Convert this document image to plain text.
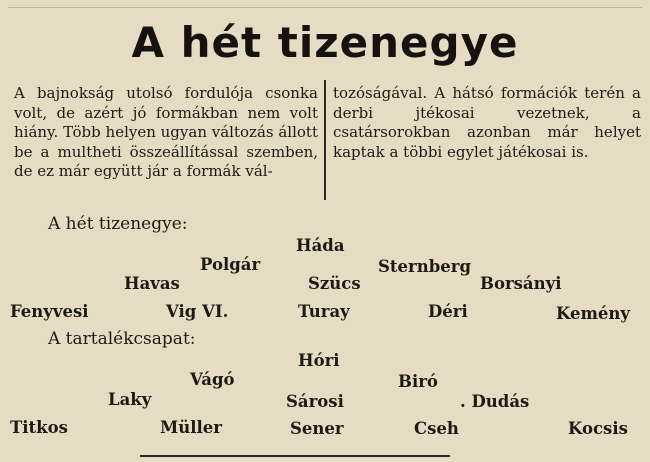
A hét tizenegye
A bajnokság utolsó fordulója csonka volt, de azért jó formákban nem volt hiány. Több helyen ugyan változás állott be a multheti összeállítással szemben, de ez már együtt jár a formák vál-
tozóságával. A hátsó formációk terén a derbi jtékosai vezetnek, a csatársorokban azonban már helyet kaptak a többi egylet játékosai is.
A hét tizenegye:
Háda
Polgár	Sternberg
Havas	Szücs	Borsányi
Fenyvesi	Vig VI.	Turay	Déri	Kemény
A tartalékcsapat:
Hóri
Vágó	Biró
Laky	Sárosi	. Dudás
Titkos	Müller	Sener	Cseh	Kocsis
